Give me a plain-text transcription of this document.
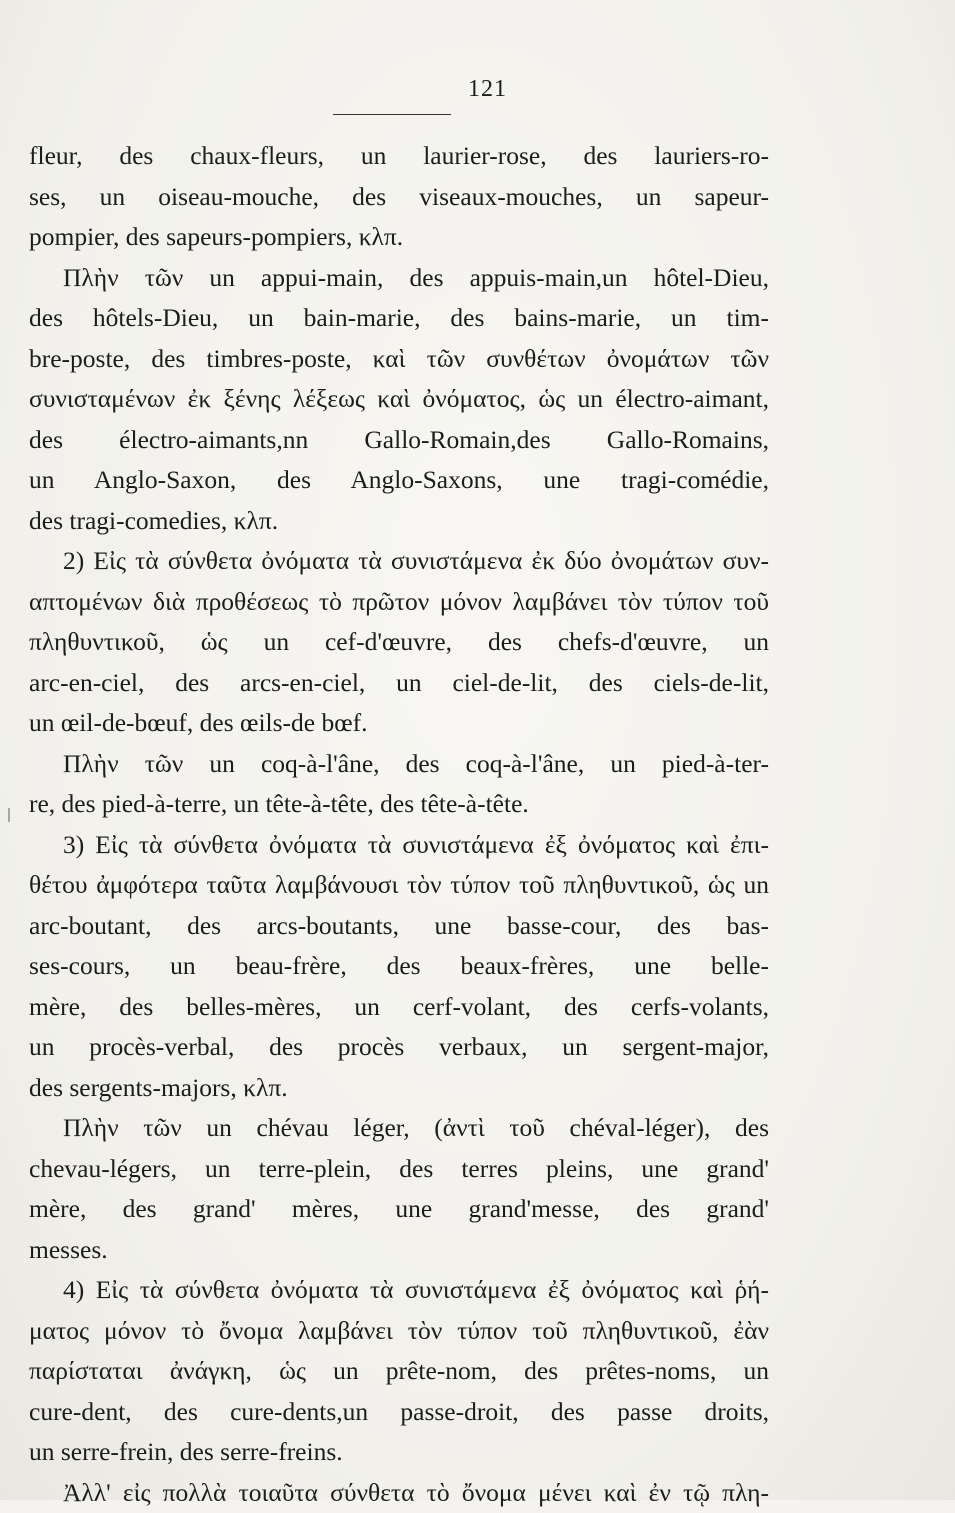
121
fleur, des chaux-fleurs, un laurier-rose, des lauriers-ro-
ses, un oiseau-mouche, des viseaux-mouches, un sapeur-
pompier, des sapeurs-pompiers, κλπ.
Πλὴν τῶν un appui-main, des appuis-main,un hôtel-Dieu,
des hôtels-Dieu, un bain-marie, des bains-marie, un tim-
bre-poste, des timbres-poste, καὶ τῶν συνθέτων ὀνομάτων τῶν
συνισταμένων ἐκ ξένης λέξεως καὶ ὀνόματος, ὡς un électro-aimant,
des électro-aimants,nn Gallo-Romain,des Gallo-Romains,
un Anglo-Saxon, des Anglo-Saxons, une tragi-comédie,
des tragi-comedies, κλπ.
2) Εἰς τὰ σύνθετα ὀνόματα τὰ συνιστάμενα ἐκ δύο ὀνομάτων συν-
απτομένων διὰ προθέσεως τὸ πρῶτον μόνον λαμβάνει τὸν τύπον τοῦ
πληθυντικοῦ, ὡς un cef-d'œuvre, des chefs-d'œuvre, un
arc-en-ciel, des arcs-en-ciel, un ciel-de-lit, des ciels-de-lit,
un œil-de-bœuf, des œils-de bœf.
Πλὴν τῶν un coq-à-l'âne, des coq-à-l'âne, un pied-à-ter-
re, des pied-à-terre, un tête-à-tête, des tête-à-tête.
3) Εἰς τὰ σύνθετα ὀνόματα τὰ συνιστάμενα ἐξ ὀνόματος καὶ ἐπι-
θέτου ἀμφότερα ταῦτα λαμβάνουσι τὸν τύπον τοῦ πληθυντικοῦ, ὡς un
arc-boutant, des arcs-boutants, une basse-cour, des bas-
ses-cours, un beau-frère, des beaux-frères, une belle-
mère, des belles-mères, un cerf-volant, des cerfs-volants,
un procès-verbal, des procès verbaux, un sergent-major,
des sergents-majors, κλπ.
Πλὴν τῶν un chévau léger, (ἀντὶ τοῦ chéval-léger), des
chevau-légers, un terre-plein, des terres pleins, une grand'
mère, des grand' mères, une grand'messe, des grand'
messes.
4) Εἰς τὰ σύνθετα ὀνόματα τὰ συνιστάμενα ἐξ ὀνόματος καὶ ῥή-
ματος μόνον τὸ ὄνομα λαμβάνει τὸν τύπον τοῦ πληθυντικοῦ, ἐὰν
παρίσταται ἀνάγκη, ὡς un prête-nom, des prêtes-noms, un
cure-dent, des cure-dents,un passe-droit, des passe droits,
un serre-frein, des serre-freins.
Ἀλλ' εἰς πολλὰ τοιαῦτα σύνθετα τὸ ὄνομα μένει καὶ ἐν τῷ πλη-
